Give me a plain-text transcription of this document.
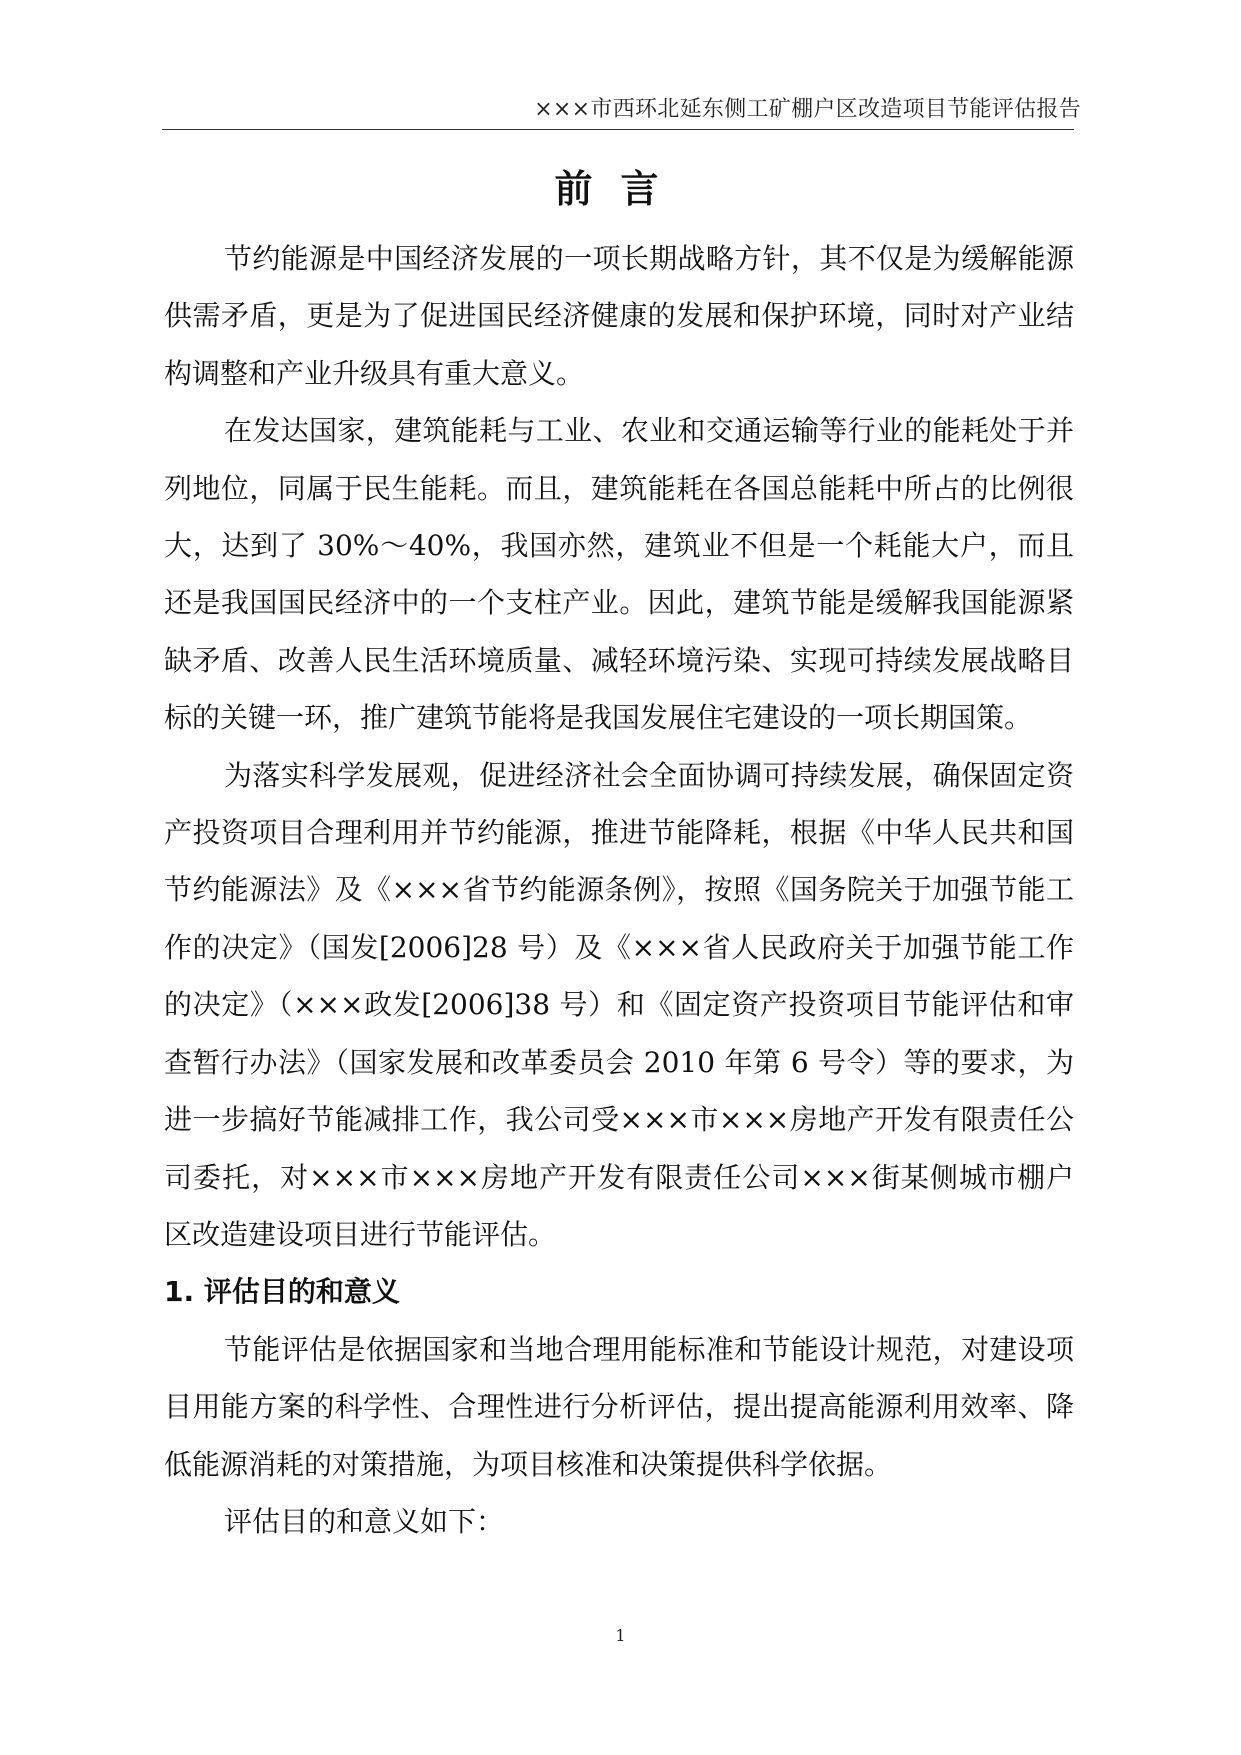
×××市西环北延东侧工矿棚户区改造项目节能评估报告
前言

节约能源是中国经济发展的一项长期战略方针，其不仅是为缓解能源供需矛盾，更是为了促进国民经济健康的发展和保护环境，同时对产业结构调整和产业升级具有重大意义。

在发达国家，建筑能耗与工业、农业和交通运输等行业的能耗处于并列地位，同属于民生能耗。而且，建筑能耗在各国总能耗中所占的比例很大，达到了 30%～40%，我国亦然，建筑业不但是一个耗能大户，而且还是我国国民经济中的一个支柱产业。因此，建筑节能是缓解我国能源紧缺矛盾、改善人民生活环境质量、减轻环境污染、实现可持续发展战略目标的关键一环，推广建筑节能将是我国发展住宅建设的一项长期国策。

为落实科学发展观，促进经济社会全面协调可持续发展，确保固定资产投资项目合理利用并节约能源，推进节能降耗，根据《中华人民共和国节约能源法》及《×××省节约能源条例》，按照《国务院关于加强节能工作的决定》（国发[2006]28 号）及《×××省人民政府关于加强节能工作的决定》（×××政发[2006]38 号）和《固定资产投资项目节能评估和审查暂行办法》（国家发展和改革委员会 2010 年第 6 号令）等的要求，为进一步搞好节能减排工作，我公司受×××市×××房地产开发有限责任公司委托，对×××市×××房地产开发有限责任公司×××街某侧城市棚户区改造建设项目进行节能评估。

1. 评估目的和意义

节能评估是依据国家和当地合理用能标准和节能设计规范，对建设项目用能方案的科学性、合理性进行分析评估，提出提高能源利用效率、降低能源消耗的对策措施，为项目核准和决策提供科学依据。

评估目的和意义如下：

1
